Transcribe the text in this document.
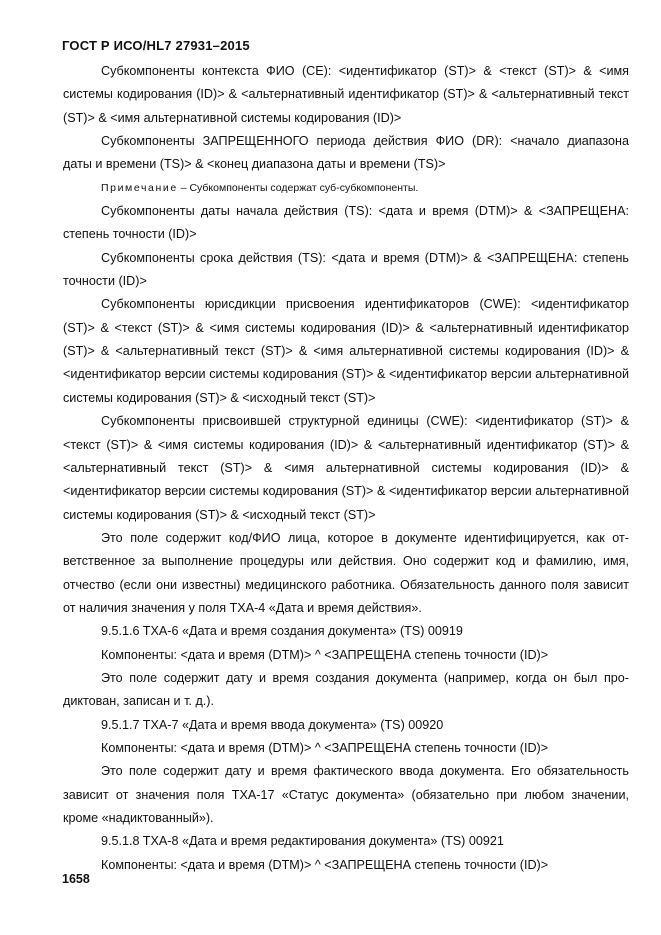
ГОСТ Р ИСО/HL7 27931–2015

Субкомпоненты контекста ФИО (CE): <идентификатор (ST)> & <текст (ST)> & <имя системы кодирования (ID)> & <альтернативный идентификатор (ST)> & <альтернативный текст (ST)> & <имя альтернативной системы кодирования (ID)>

Субкомпоненты ЗАПРЕЩЕННОГО периода действия ФИО (DR): <начало диапазона даты и времени (TS)> & <конец диапазона даты и времени (TS)>

Примечание – Субкомпоненты содержат суб-субкомпоненты.

Субкомпоненты даты начала действия (TS): <дата и время (DTM)> & <ЗАПРЕЩЕНА: степень точности (ID)>

Субкомпоненты срока действия (TS): <дата и время (DTM)> & <ЗАПРЕЩЕНА: степень точности (ID)>

Субкомпоненты юрисдикции присвоения идентификаторов (CWE): <идентификатор (ST)> & <текст (ST)> & <имя системы кодирования (ID)> & <альтернативный идентификатор (ST)> & <альтернативный текст (ST)> & <имя альтернативной системы кодирования (ID)> & <идентификатор версии системы кодирования (ST)> & <идентификатор версии альтернативной системы кодирования (ST)> & <исходный текст (ST)>

Субкомпоненты присвоившей структурной единицы (CWE): <идентификатор (ST)> & <текст (ST)> & <имя системы кодирования (ID)> & <альтернативный идентификатор (ST)> & <альтернативный текст (ST)> & <имя альтернативной системы кодирования (ID)> & <идентификатор версии системы кодирования (ST)> & <идентификатор версии альтернативной системы кодирования (ST)> & <исходный текст (ST)>

Это поле содержит код/ФИО лица, которое в документе идентифицируется, как ответственное за выполнение процедуры или действия. Оно содержит код и фамилию, имя, отчество (если они известны) медицинского работника. Обязательность данного поля зависит от наличия значения у поля TXA-4 «Дата и время действия».

9.5.1.6 TXA-6 «Дата и время создания документа» (TS) 00919

Компоненты: <дата и время (DTM)> ^ <ЗАПРЕЩЕНА степень точности (ID)>

Это поле содержит дату и время создания документа (например, когда он был продиктован, записан и т. д.).

9.5.1.7 TXA-7 «Дата и время ввода документа» (TS) 00920

Компоненты: <дата и время (DTM)> ^ <ЗАПРЕЩЕНА степень точности (ID)>

Это поле содержит дату и время фактического ввода документа. Его обязательность зависит от значения поля TXA-17 «Статус документа» (обязательно при любом значении, кроме «надиктованный»).

9.5.1.8 TXA-8 «Дата и время редактирования документа» (TS) 00921

Компоненты: <дата и время (DTM)> ^ <ЗАПРЕЩЕНА степень точности (ID)>

1658
